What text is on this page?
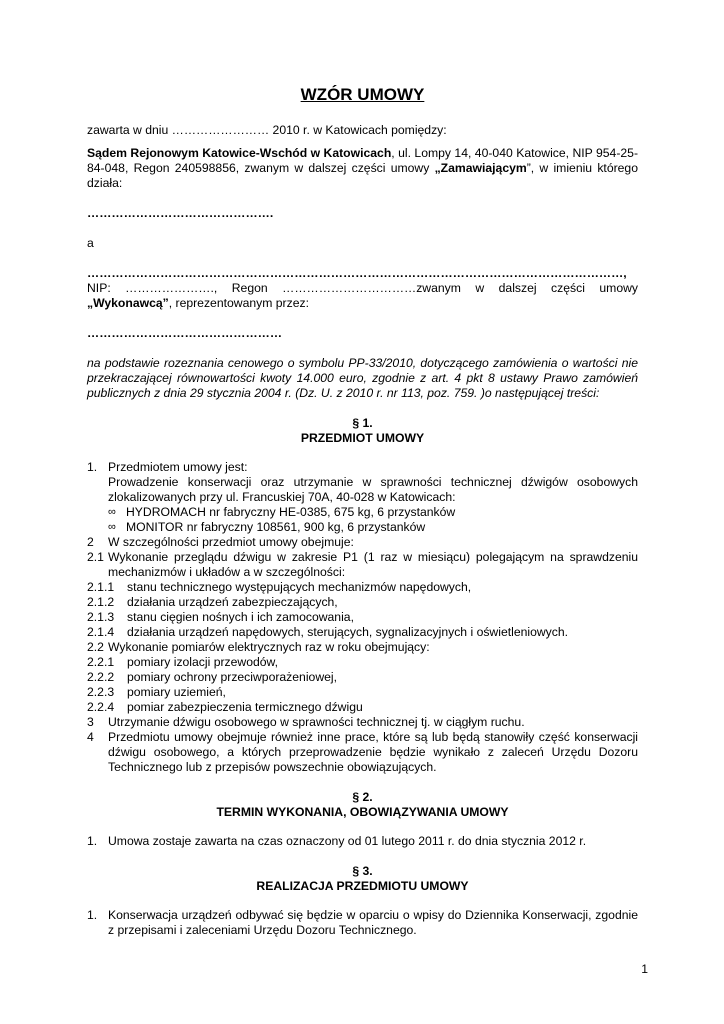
WZÓR UMOWY

zawarta w dniu …………………… 2010 r. w Katowicach pomiędzy:

Sądem Rejonowym Katowice-Wschód w Katowicach, ul. Lompy 14, 40-040 Katowice, NIP 954-25-84-048, Regon 240598856, zwanym w dalszej części umowy „Zamawiającym”, w imieniu którego działa:

……………………………………….

a

……………………………………………………………………………………………………………………,

NIP: …………………., Regon ……………………………zwanym w dalszej części umowy

„Wykonawcą”, reprezentowanym przez:

…………………………………………

na podstawie rozeznania cenowego o symbolu PP-33/2010, dotyczącego zamówienia o wartości nie przekraczającej równowartości kwoty 14.000 euro, zgodnie z art. 4 pkt 8 ustawy Prawo zamówień publicznych z dnia 29 stycznia 2004 r. (Dz. U. z 2010 r. nr 113, poz. 759. )o następującej treści:

§ 1.

PRZEDMIOT UMOWY

1. Przedmiotem umowy jest:

Prowadzenie konserwacji oraz utrzymanie w sprawności technicznej dźwigów osobowych zlokalizowanych przy ul. Francuskiej 70A, 40-028 w Katowicach:

∞ HYDROMACH nr fabryczny HE-0385, 675 kg, 6 przystanków
∞ MONITOR nr fabryczny 108561, 900 kg, 6 przystanków
2	W szczególności przedmiot umowy obejmuje:
2.1 Wykonanie przeglądu dźwigu w zakresie P1 (1 raz w miesiącu) polegającym na sprawdzeniu mechanizmów i układów a w szczególności:
2.1.1	stanu technicznego występujących mechanizmów napędowych,
2.1.2	działania urządzeń zabezpieczających,
2.1.3	stanu cięgien nośnych i ich zamocowania,
2.1.4	działania urządzeń napędowych, sterujących, sygnalizacyjnych i oświetleniowych.
2.2 Wykonanie pomiarów elektrycznych raz w roku obejmujący:
2.2.1	pomiary izolacji przewodów,
2.2.2	pomiary ochrony przeciwporażeniowej,
2.2.3	pomiary uziemień,
2.2.4	pomiar zabezpieczenia termicznego dźwigu
3	Utrzymanie dźwigu osobowego w sprawności technicznej tj. w ciągłym ruchu.
4	Przedmiotu umowy obejmuje również inne prace, które są lub będą stanowiły część konserwacji dźwigu osobowego, a których przeprowadzenie będzie wynikało z zaleceń Urzędu Dozoru Technicznego lub z przepisów powszechnie obowiązujących.

§ 2.

TERMIN WYKONANIA, OBOWIĄZYWANIA UMOWY

1. Umowa zostaje zawarta na czas oznaczony od 01 lutego 2011 r. do dnia stycznia 2012 r.

§ 3.

REALIZACJA PRZEDMIOTU UMOWY

1. Konserwacja urządzeń odbywać się będzie w oparciu o wpisy do Dziennika Konserwacji, zgodnie z przepisami i zaleceniami Urzędu Dozoru Technicznego.
1
